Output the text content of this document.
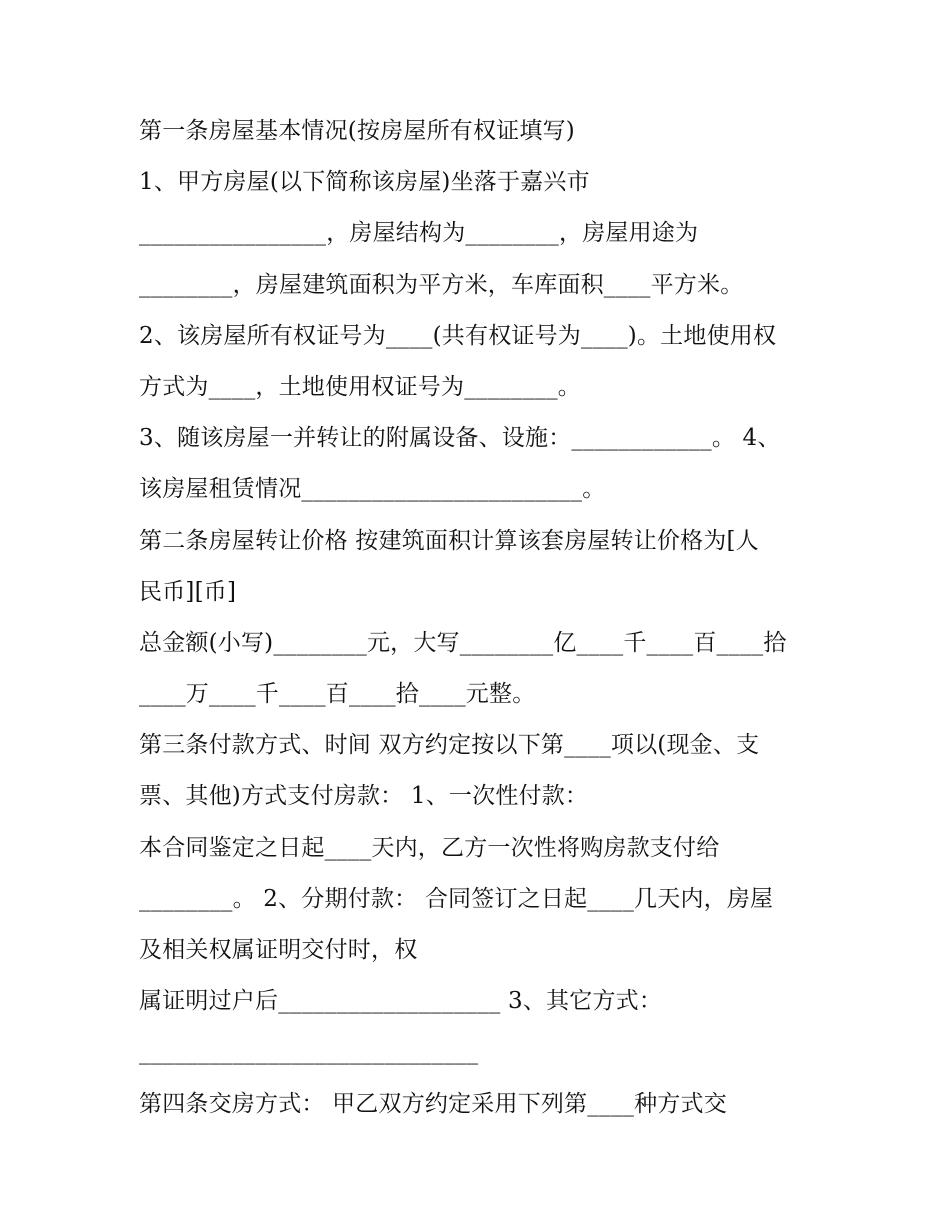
第一条房屋基本情况(按房屋所有权证填写)
1、甲方房屋(以下简称该房屋)坐落于嘉兴市
________________，房屋结构为________，房屋用途为
________，房屋建筑面积为平方米，车库面积____平方米。
2、该房屋所有权证号为____(共有权证号为____)。土地使用权
方式为____，土地使用权证号为________。
3、随该房屋一并转让的附属设备、设施：____________。 4、
该房屋租赁情况________________________。
第二条房屋转让价格 按建筑面积计算该套房屋转让价格为[人
民币][币]
总金额(小写)________元，大写________亿____千____百____拾
____万____千____百____拾____元整。
第三条付款方式、时间 双方约定按以下第____项以(现金、支
票、其他)方式支付房款： 1、一次性付款：
本合同鉴定之日起____天内，乙方一次性将购房款支付给
________。 2、分期付款： 合同签订之日起____几天内，房屋
及相关权属证明交付时，权
属证明过户后___________________ 3、其它方式：
_____________________________
第四条交房方式： 甲乙双方约定采用下列第____种方式交
